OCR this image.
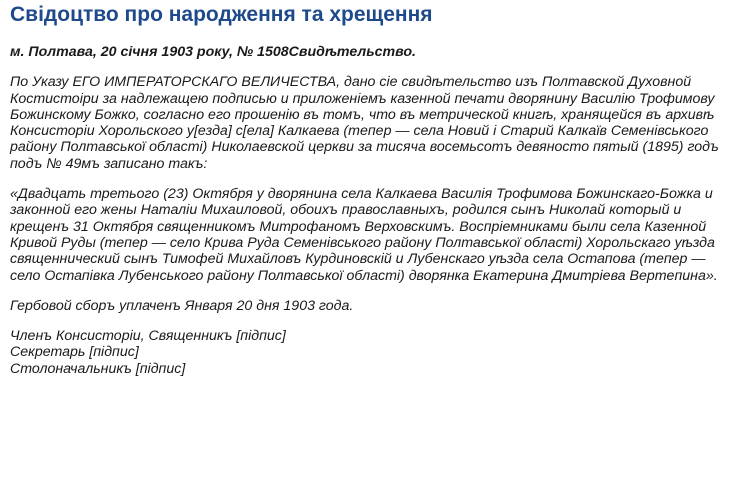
Свідоцтво про народження та хрещення

м. Полтава, 20 січня 1903 року, № 1508Свидѣтельство.

По Указу ЕГО ИМПЕРАТОРСКАГО ВЕЛИЧЕСТВА, дано сіе свидѣтельство изъ Полтавской Духовной Костистоіри за надлежащею подписью и приложеніемъ казенной печати дворянину Василію Трофимову Божинскому Божко, согласно его прошенію въ томъ, что въ метрической книгѣ, хранящейся въ архивѣ Консисторіи Хорольского у[езда] с[ела] Калкаева (тепер — села Новий і Старий Калкаїв Семенівського району Полтавської області) Николаевской церкви за тисяча восемьсотъ девяносто пятый (1895) годъ подъ № 49мъ записано такъ:

«Двадцать третього (23) Октября у дворянина села Калкаева Василія Трофимова Божинскаго-Божка и законной его жены Наталіи Михаиловой, обоихъ православныхъ, родился сынъ Николай который и крещенъ 31 Октября священникомъ Митрофаномъ Верховскимъ. Воспріемниками были села Казенной Кривой Руды (тепер — село Крива Руда Семенівського району Полтавської області) Хорольскаго уѣзда священнический сынъ Тимофей Михайловъ Курдиновскій и Лубенскаго уѣзда села Остапова (тепер — село Остапівка Лубенського району Полтавської області) дворянка Екатерина Дмитріева Вертепина».

Гербовой сборъ уплаченъ Января 20 дня 1903 года.

Членъ Консисторіи, Священникъ [підпис]
Секретарь [підпис]
Столоначальникъ [підпис]
